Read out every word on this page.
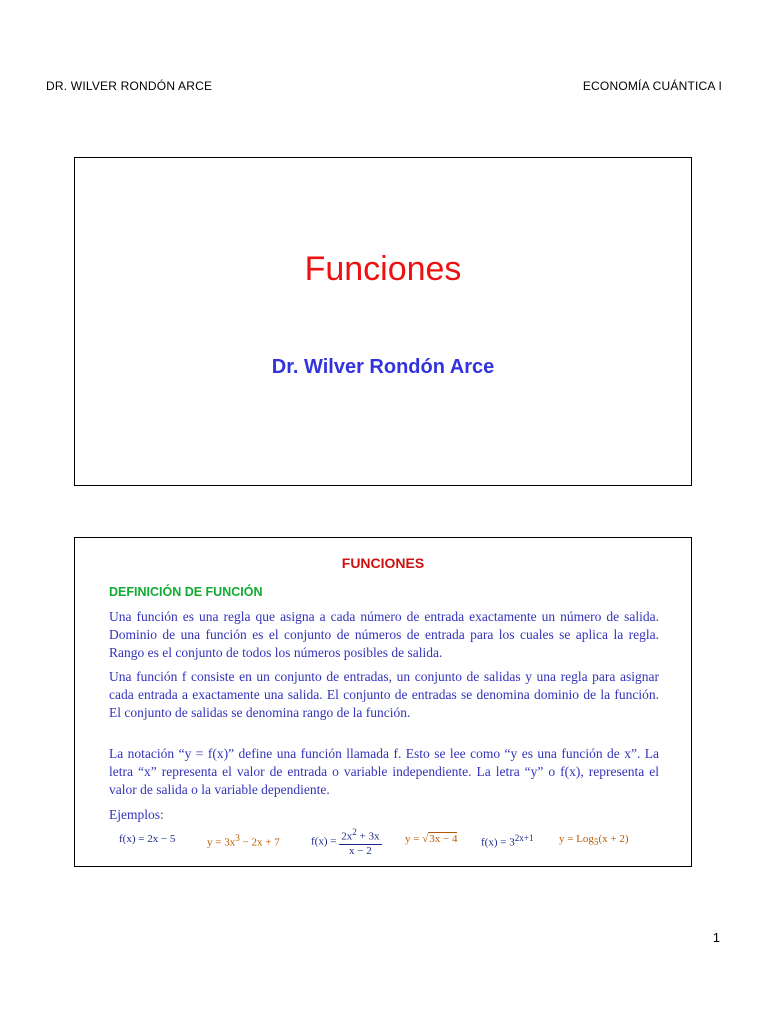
DR. WILVER RONDÓN ARCE	ECONOMÍA CUÁNTICA I
Funciones
Dr. Wilver Rondón Arce
FUNCIONES
DEFINICIÓN DE FUNCIÓN
Una función es una regla que asigna a cada número de entrada exactamente un número de salida. Dominio de una función es el conjunto de números de entrada para los cuales se aplica la regla. Rango es el conjunto de todos los números posibles de salida.
Una función f consiste en un conjunto de entradas, un conjunto de salidas y una regla para asignar cada entrada a exactamente una salida. El conjunto de entradas se denomina dominio de la función. El conjunto de salidas se denomina rango de la función.
La notación “y = f(x)” define una función llamada f. Esto se lee como “y es una función de x”. La letra “x” representa el valor de entrada o variable independiente. La letra “y” o f(x), representa el valor de salida o la variable dependiente.
Ejemplos:
f(x) = 2x − 5	$y = 3x^3 - 2x + 7$	$f(x) = \frac{2x^2 + 3x}{x - 2}$ y = √3x − 4 $f(x) = 3^{2x+1}$ y = Log$_5$(x + 2)
1
